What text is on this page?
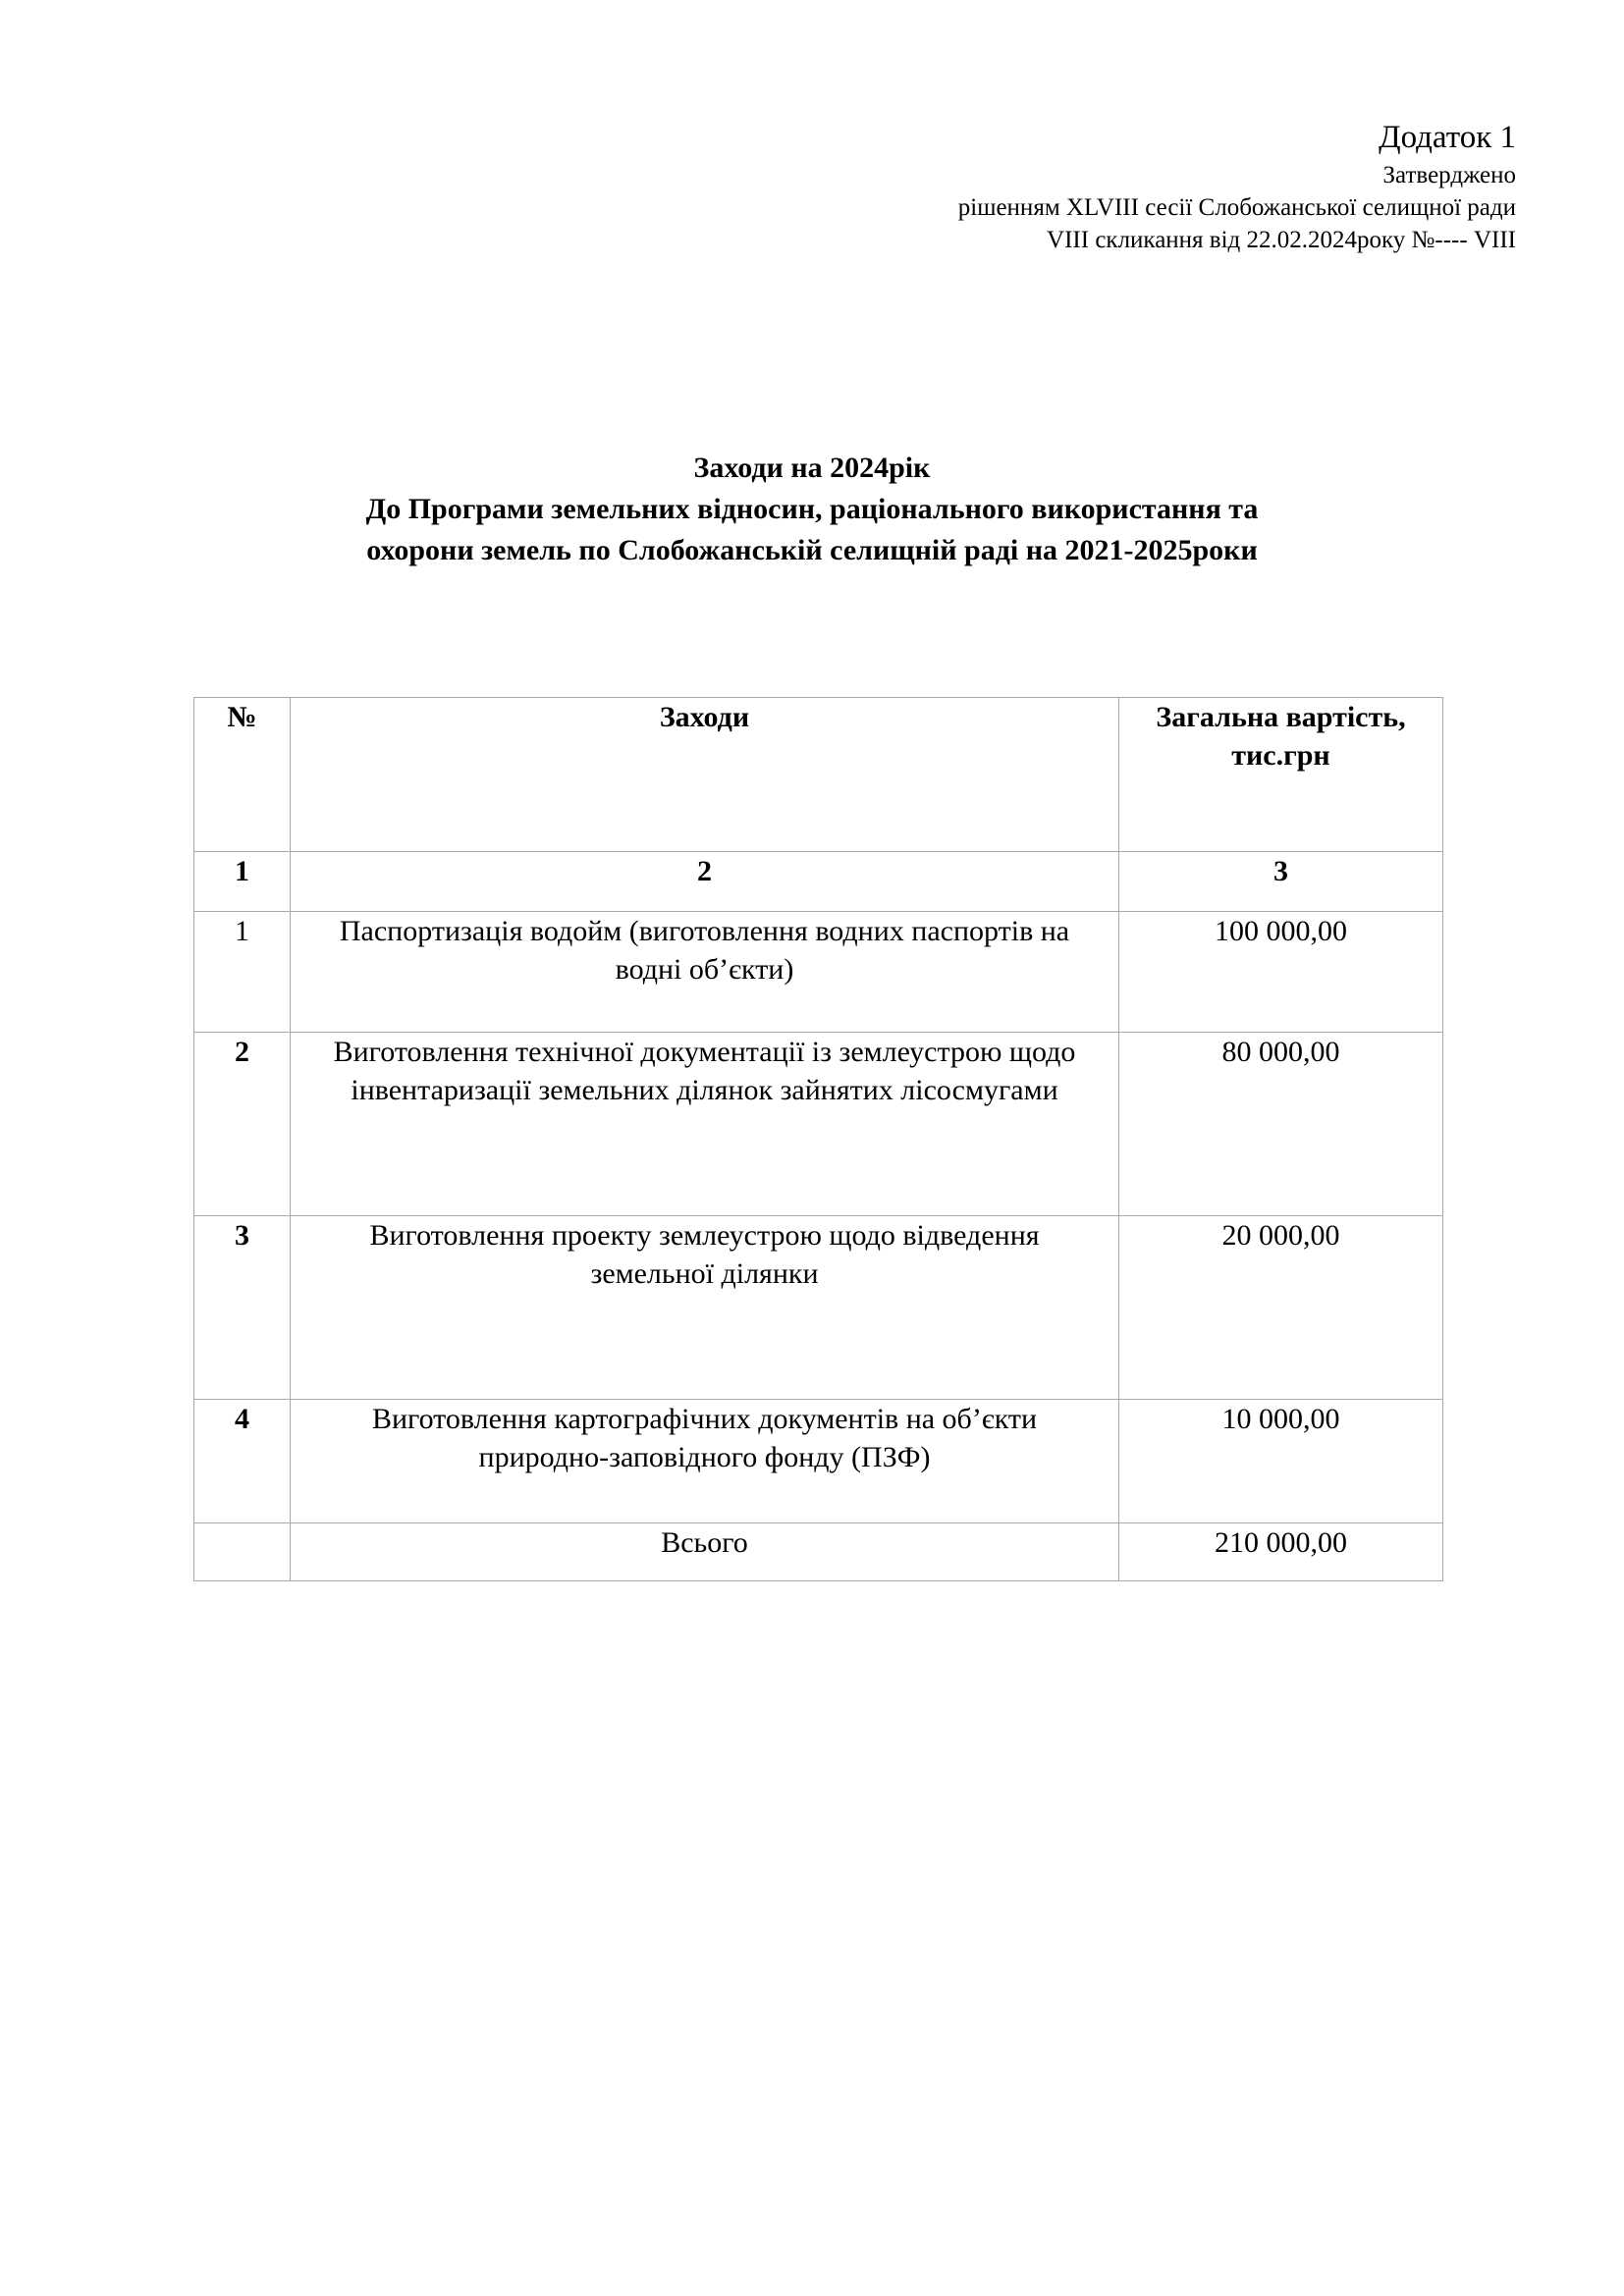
Додаток 1
Затверджено
рішенням XLVIII сесії Слобожанської селищної ради
VIII скликання від 22.02.2024року №---- VIII
Заходи на 2024рік
До Програми земельних відносин, раціонального використання та
охорони земель по Слобожанській селищній раді на 2021-2025роки
№	Заходи	Загальна вартість, тис.грн
1	2	3
1	Паспортизація водойм (виготовлення водних паспортів на водні об’єкти)	100 000,00
2	Виготовлення технічної документації із землеустрою щодо інвентаризації земельних ділянок зайнятих лісосмугами	80 000,00
3	Виготовлення проекту землеустрою щодо відведення земельної ділянки	20 000,00
4	Виготовлення картографічних документів на об’єкти природно-заповідного фонду (ПЗФ)	10 000,00
	Всього	210 000,00
